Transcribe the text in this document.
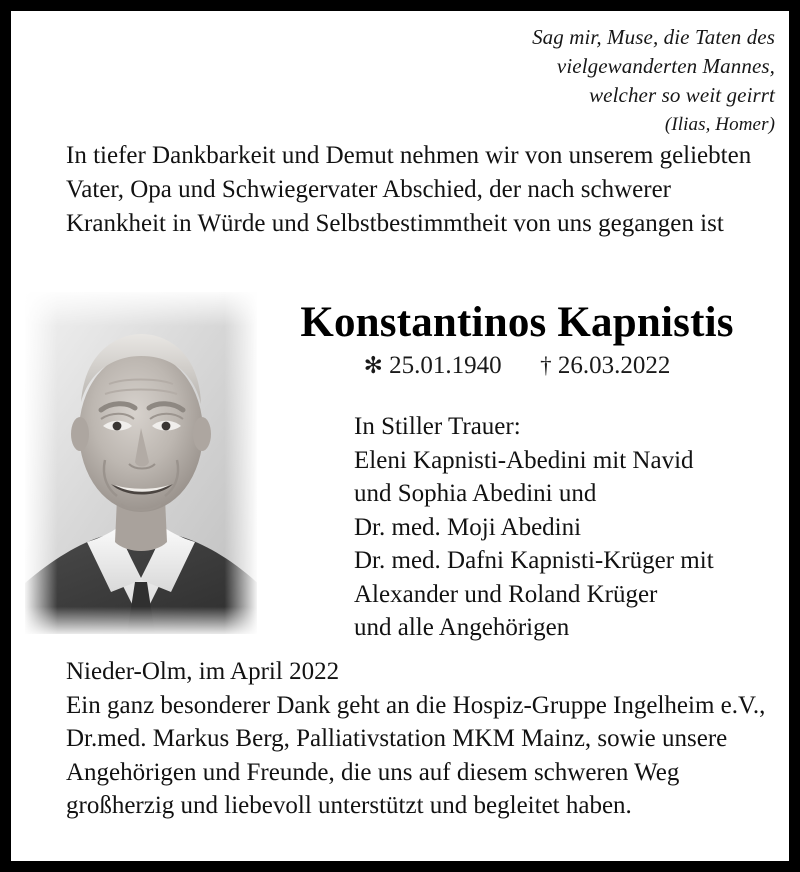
Sag mir, Muse, die Taten des
vielgewanderten Mannes,
welcher so weit geirrt
(Ilias, Homer)
In tiefer Dankbarkeit und Demut nehmen wir von unserem geliebten Vater, Opa und Schwiegervater Abschied, der nach schwerer Krankheit in Würde und Selbstbestimmtheit von uns gegangen ist
Konstantinos Kapnistis
✻ 25.01.1940 † 26.03.2022
In Stiller Trauer:
Eleni Kapnisti-Abedini mit Navid
und Sophia Abedini und
Dr. med. Moji Abedini
Dr. med. Dafni Kapnisti-Krüger mit
Alexander und Roland Krüger
und alle Angehörigen
Nieder-Olm, im April 2022
Ein ganz besonderer Dank geht an die Hospiz-Gruppe Ingelheim e.V., Dr.med. Markus Berg, Palliativstation MKM Mainz, sowie unsere Angehörigen und Freunde, die uns auf diesem schweren Weg großherzig und liebevoll unterstützt und begleitet haben.
